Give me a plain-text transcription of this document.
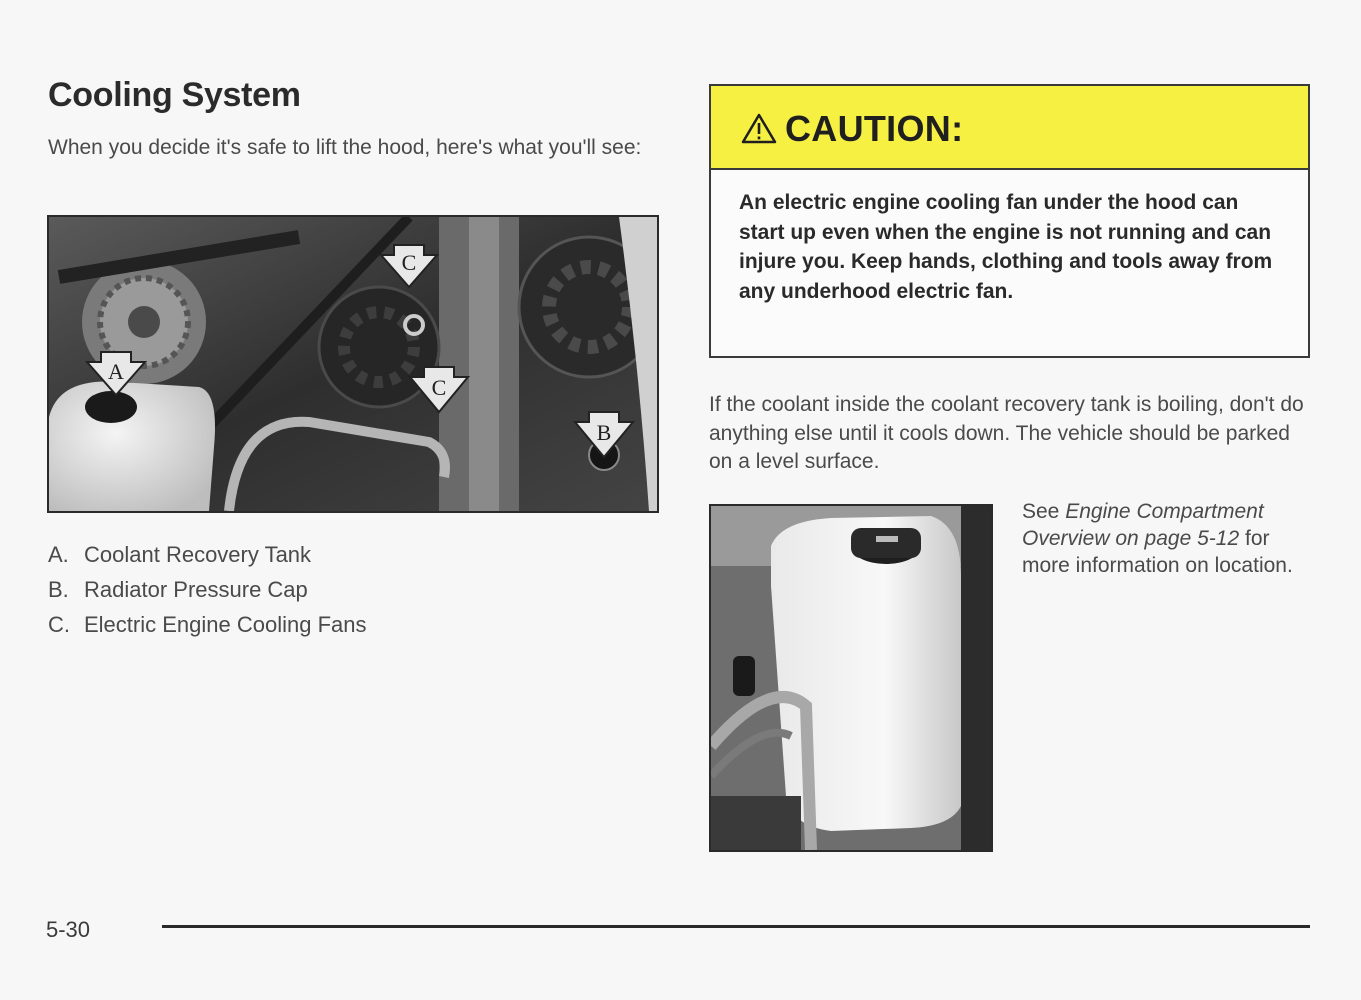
Cooling System

When you decide it's safe to lift the hood, here's what you'll see:

C
A
C
B
A. Coolant Recovery Tank
B. Radiator Pressure Cap
C. Electric Engine Cooling Fans
CAUTION:

An electric engine cooling fan under the hood can start up even when the engine is not running and can injure you. Keep hands, clothing and tools away from any underhood electric fan.

If the coolant inside the coolant recovery tank is boiling, don't do anything else until it cools down. The vehicle should be parked on a level surface.

See Engine Compartment Overview on page 5-12 for more information on location.

5-30
